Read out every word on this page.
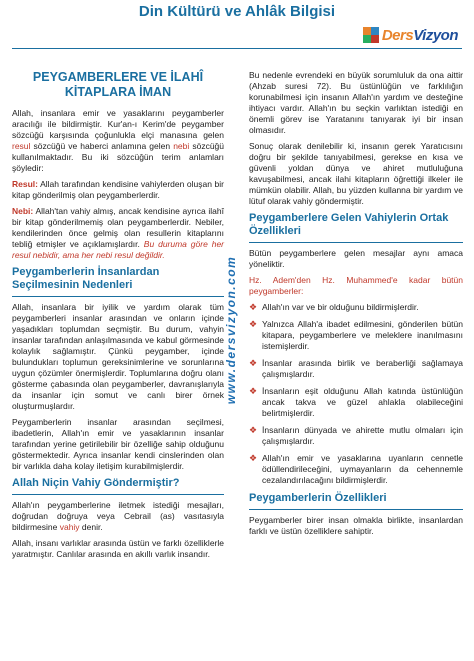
Din Kültürü ve Ahlâk Bilgisi
DersVizyon
PEYGAMBERLERE VE İLAHÎ
KİTAPLARA İMAN

Allah, insanlara emir ve yasaklarını peygamberler aracılığı ile bildirmiştir. Kur'an-ı Kerim'de peygamber sözcüğü karşısında çoğunlukla elçi manasına gelen resul sözcüğü ve haberci anlamına gelen nebi sözcüğü kullanılmaktadır. Bu iki sözcüğün terim anlamları şöyledir:

Resul: Allah tarafından kendisine vahiylerden oluşan bir kitap gönderilmiş olan peygamberlerdir.

Nebi: Allah'tan vahiy almış, ancak kendisine ayrıca ilahî bir kitap gönderilmemiş olan peygamberlerdir. Nebiler, kendilerinden önce gelmiş olan resullerin kitaplarını tebliğ etmişler ve açıklamışlardır. Bu duruma göre her resul nebidir, ama her nebi resul değildir.

Peygamberlerin İnsanlardan
Seçilmesinin Nedenleri

Allah, insanlara bir iyilik ve yardım olarak tüm peygamberleri insanlar arasından ve onların içinde yaşadıkları toplumdan seçmiştir. Bu durum, vahyin insanlar tarafından anlaşılmasında ve kabul görmesinde kolaylık sağlamıştır. Çünkü peygamber, içinde bulundukları toplumun gereksinimlerine ve sorunlarına uygun çözümler önermişlerdir. Toplumlarına doğru olanı gösterme çabasında olan peygamberler, davranışlarıyla da insanlar için somut ve canlı birer örnek oluşturmuşlardır.

Peygamberlerin insanlar arasından seçilmesi, ibadetlerin, Allah'ın emir ve yasaklarının insanlar tarafından yerine getirilebilir bir özelliğe sahip olduğunu göstermektedir. Ayrıca insanlar kendi cinslerinden olan bir varlıkla daha kolay iletişim kurabilmişlerdir.

Allah Niçin Vahiy Göndermiştir?

Allah'ın peygamberlerine iletmek istediği mesajları, doğrudan doğruya veya Cebrail (as) vasıtasıyla bildirmesine vahiy denir.

Allah, insanı varlıklar arasında üstün ve farklı özelliklerle yaratmıştır. Canlılar arasında en akıllı varlık insandır.

www.dersvizyon.com

Bu nedenle evrendeki en büyük sorumluluk da ona aittir (Ahzab suresi 72). Bu üstünlüğün ve farklılığın korunabilmesi için insanın Allah'ın yardım ve desteğine ihtiyacı vardır. Allah'ın bu seçkin varlıktan istediği en önemli görev ise Yaratanını tanıyarak iyi bir insan olmasıdır.

Sonuç olarak denilebilir ki, insanın gerek Yaratıcısını doğru bir şekilde tanıyabilmesi, gerekse en kısa ve güvenli yoldan dünya ve ahiret mutluluğuna kavuşabilmesi, ancak ilahi kitapların öğrettiği ilkeler ile mümkün olabilir. Allah, bu yüzden kullanna bir yardım ve lütuf olarak vahiy göndermiştir.

Peygamberlere Gelen Vahiylerin Ortak
Özellikleri

Bütün peygamberlere gelen mesajlar aynı amaca yöneliktir.

Hz. Adem'den Hz. Muhammed'e kadar bütün peygamberler:

❖ Allah'ın var ve bir olduğunu bildirmişlerdir.
❖ Yalnızca Allah'a ibadet edilmesini, gönderilen bütün kitapara, peygamberlere ve meleklere inanılmasını istemişlerdir.
❖ İnsanlar arasında birlik ve beraberliği sağlamaya çalışmışlardır.
❖ İnsanların eşit olduğunu Allah katında üstünlüğün ancak takva ve güzel ahlakla olabileceğini belirtmişlerdir.
❖ İnsanların dünyada ve ahirette mutlu olmaları için çalışmışlardır.
❖ Allah'ın emir ve yasaklarına uyanların cennetle ödüllendirileceğini, uymayanların da cehennemle cezalandırılacağını bildirmişlerdir.
Peygamberlerin Özellikleri

Peygamberler birer insan olmakla birlikte, insanlardan farklı ve üstün özelliklere sahiptir.
